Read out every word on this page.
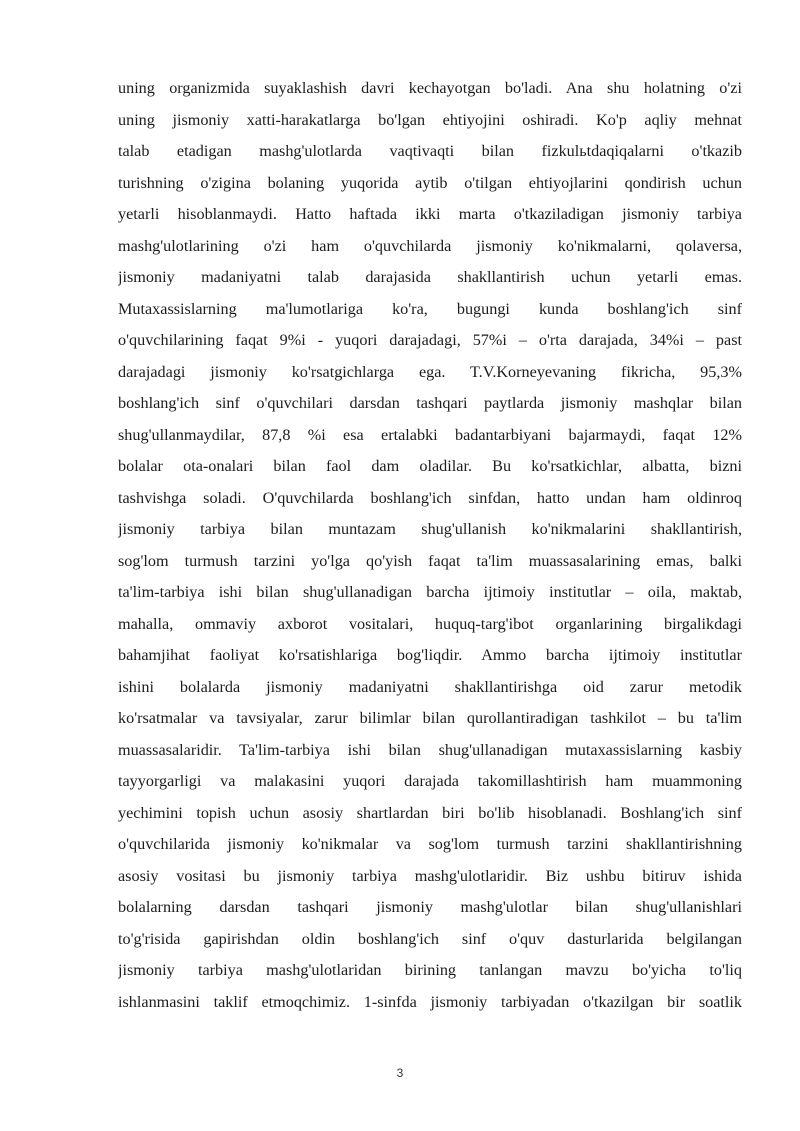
uning organizmida suyaklashish davri kechayotgan bo'ladi. Ana shu holatning o'zi
uning jismoniy xatti-harakatlarga bo'lgan ehtiyojini oshiradi. Ko'p aqliy mehnat
talab etadigan mashg'ulotlarda vaqtivaqti bilan fizkulьtdaqiqalarni o'tkazib
turishning o'zigina bolaning yuqorida aytib o'tilgan ehtiyojlarini qondirish uchun
yetarli hisoblanmaydi. Hatto haftada ikki marta o'tkaziladigan jismoniy tarbiya
mashg'ulotlarining o'zi ham o'quvchilarda jismoniy ko'nikmalarni, qolaversa,
jismoniy madaniyatni talab darajasida shakllantirish uchun yetarli emas.
Mutaxassislarning ma'lumotlariga ko'ra, bugungi kunda boshlang'ich sinf
o'quvchilarining faqat 9%i - yuqori darajadagi, 57%i – o'rta darajada, 34%i – past
darajadagi jismoniy ko'rsatgichlarga ega. T.V.Korneyevaning fikricha, 95,3%
boshlang'ich sinf o'quvchilari darsdan tashqari paytlarda jismoniy mashqlar bilan
shug'ullanmaydilar, 87,8 %i esa ertalabki badantarbiyani bajarmaydi, faqat 12%
bolalar ota-onalari bilan faol dam oladilar. Bu ko'rsatkichlar, albatta, bizni
tashvishga soladi. O'quvchilarda boshlang'ich sinfdan, hatto undan ham oldinroq
jismoniy tarbiya bilan muntazam shug'ullanish ko'nikmalarini shakllantirish,
sog'lom turmush tarzini yo'lga qo'yish faqat ta'lim muassasalarining emas, balki
ta'lim-tarbiya ishi bilan shug'ullanadigan barcha ijtimoiy institutlar – oila, maktab,
mahalla, ommaviy axborot vositalari, huquq-targ'ibot organlarining birgalikdagi
bahamjihat faoliyat ko'rsatishlariga bog'liqdir. Ammo barcha ijtimoiy institutlar
ishini bolalarda jismoniy madaniyatni shakllantirishga oid zarur metodik
ko'rsatmalar va tavsiyalar, zarur bilimlar bilan qurollantiradigan tashkilot – bu ta'lim
muassasalaridir. Ta'lim-tarbiya ishi bilan shug'ullanadigan mutaxassislarning kasbiy
tayyorgarligi va malakasini yuqori darajada takomillashtirish ham muammoning
yechimini topish uchun asosiy shartlardan biri bo'lib hisoblanadi. Boshlang'ich sinf
o'quvchilarida jismoniy ko'nikmalar va sog'lom turmush tarzini shakllantirishning
asosiy vositasi bu jismoniy tarbiya mashg'ulotlaridir. Biz ushbu bitiruv ishida
bolalarning darsdan tashqari jismoniy mashg'ulotlar bilan shug'ullanishlari
to'g'risida gapirishdan oldin boshlang'ich sinf o'quv dasturlarida belgilangan
jismoniy tarbiya mashg'ulotlaridan birining tanlangan mavzu bo'yicha to'liq
ishlanmasini taklif etmoqchimiz. 1-sinfda jismoniy tarbiyadan o'tkazilgan bir soatlik
3
